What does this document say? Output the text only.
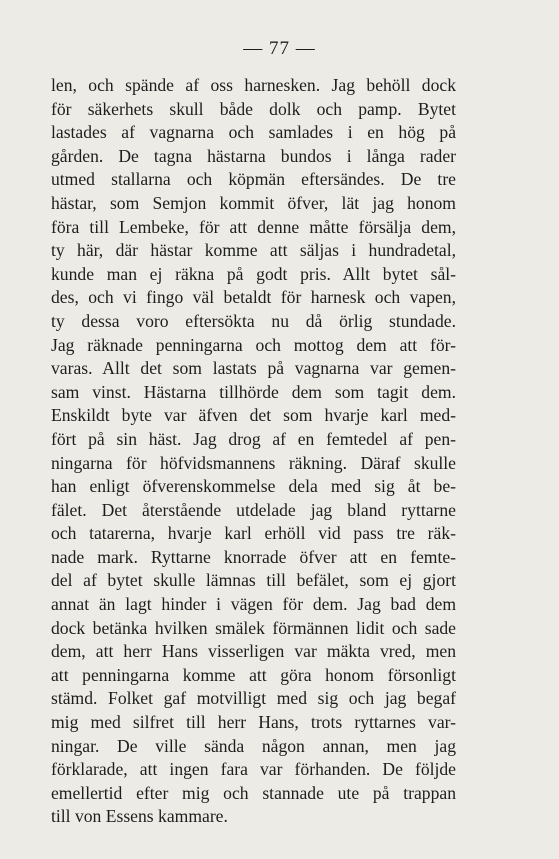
— 77 —
len, och spände af oss harnesken. Jag behöll dock
för säkerhets skull både dolk och pamp. Bytet
lastades af vagnarna och samlades i en hög på
gården. De tagna hästarna bundos i långa rader
utmed stallarna och köpmän eftersändes. De tre
hästar, som Semjon kommit öfver, lät jag honom
föra till Lembeke, för att denne måtte försälja dem,
ty här, där hästar komme att säljas i hundradetal,
kunde man ej räkna på godt pris. Allt bytet sål-
des, och vi fingo väl betaldt för harnesk och vapen,
ty dessa voro eftersökta nu då örlig stundade.
Jag räknade penningarna och mottog dem att för-
varas. Allt det som lastats på vagnarna var gemen-
sam vinst. Hästarna tillhörde dem som tagit dem.
Enskildt byte var äfven det som hvarje karl med-
fört på sin häst. Jag drog af en femtedel af pen-
ningarna för höfvidsmannens räkning. Däraf skulle
han enligt öfverenskommelse dela med sig åt be-
fälet. Det återstående utdelade jag bland ryttarne
och tatarerna, hvarje karl erhöll vid pass tre räk-
nade mark. Ryttarne knorrade öfver att en femte-
del af bytet skulle lämnas till befälet, som ej gjort
annat än lagt hinder i vägen för dem. Jag bad dem
dock betänka hvilken smälek förmännen lidit och sade
dem, att herr Hans visserligen var mäkta vred, men
att penningarna komme att göra honom försonligt
stämd. Folket gaf motvilligt med sig och jag begaf
mig med silfret till herr Hans, trots ryttarnes var-
ningar. De ville sända någon annan, men jag
förklarade, att ingen fara var förhanden. De följde
emellertid efter mig och stannade ute på trappan
till von Essens kammare.
